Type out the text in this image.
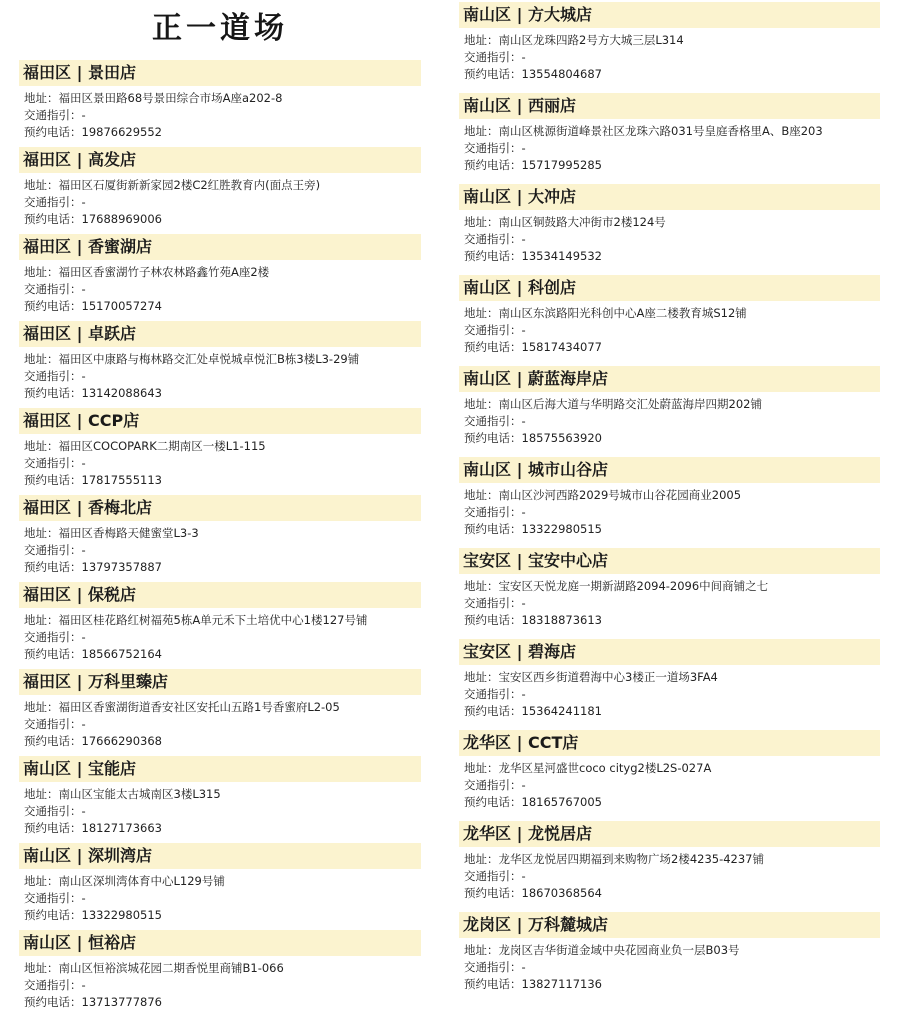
正一道场
福田区 | 景田店
地址：福田区景田路68号景田综合市场A座a202-8
交通指引：-
预约电话：19876629552
福田区 | 高发店
地址：福田区石厦街新新家园2楼C2红胜教育内(面点王旁)
交通指引：-
预约电话：17688969006
福田区 | 香蜜湖店
地址：福田区香蜜湖竹子林农林路鑫竹苑A座2楼
交通指引：-
预约电话：15170057274
福田区 | 卓跃店
地址：福田区中康路与梅林路交汇处卓悦城卓悦汇B栋3楼L3-29铺
交通指引：-
预约电话：13142088643
福田区 | CCP店
地址：福田区COCOPARK二期南区一楼L1-115
交通指引：-
预约电话：17817555113
福田区 | 香梅北店
地址：福田区香梅路天健蜜堂L3-3
交通指引：-
预约电话：13797357887
福田区 | 保税店
地址：福田区桂花路红树福苑5栋A单元禾下土培优中心1楼127号铺
交通指引：-
预约电话：18566752164
福田区 | 万科里臻店
地址：福田区香蜜湖街道香安社区安托山五路1号香蜜府L2-05
交通指引：-
预约电话：17666290368
南山区 | 宝能店
地址：南山区宝能太古城南区3楼L315
交通指引：-
预约电话：18127173663
南山区 | 深圳湾店
地址：南山区深圳湾体育中心L129号铺
交通指引：-
预约电话：13322980515
南山区 | 恒裕店
地址：南山区恒裕滨城花园二期香悦里商铺B1-066
交通指引：-
预约电话：13713777876
南山区 | 方大城店
地址：南山区龙珠四路2号方大城三层L314
交通指引：-
预约电话：13554804687
南山区 | 西丽店
地址：南山区桃源街道峰景社区龙珠六路031号皇庭香格里A、B座203
交通指引：-
预约电话：15717995285
南山区 | 大冲店
地址：南山区铜鼓路大冲街市2楼124号
交通指引：-
预约电话：13534149532
南山区 | 科创店
地址：南山区东滨路阳光科创中心A座二楼教育城S12铺
交通指引：-
预约电话：15817434077
南山区 | 蔚蓝海岸店
地址：南山区后海大道与华明路交汇处蔚蓝海岸四期202铺
交通指引：-
预约电话：18575563920
南山区 | 城市山谷店
地址：南山区沙河西路2029号城市山谷花园商业2005
交通指引：-
预约电话：13322980515
宝安区 | 宝安中心店
地址：宝安区天悦龙庭一期新湖路2094-2096中间商铺之七
交通指引：-
预约电话：18318873613
宝安区 | 碧海店
地址：宝安区西乡街道碧海中心3楼正一道场3FA4
交通指引：-
预约电话：15364241181
龙华区 | CCT店
地址：龙华区星河盛世coco cityg2楼L2S-027A
交通指引：-
预约电话：18165767005
龙华区 | 龙悦居店
地址：龙华区龙悦居四期福到来购物广场2楼4235-4237铺
交通指引：-
预约电话：18670368564
龙岗区 | 万科麓城店
地址：龙岗区吉华街道金域中央花园商业负一层B03号
交通指引：-
预约电话：13827117136
